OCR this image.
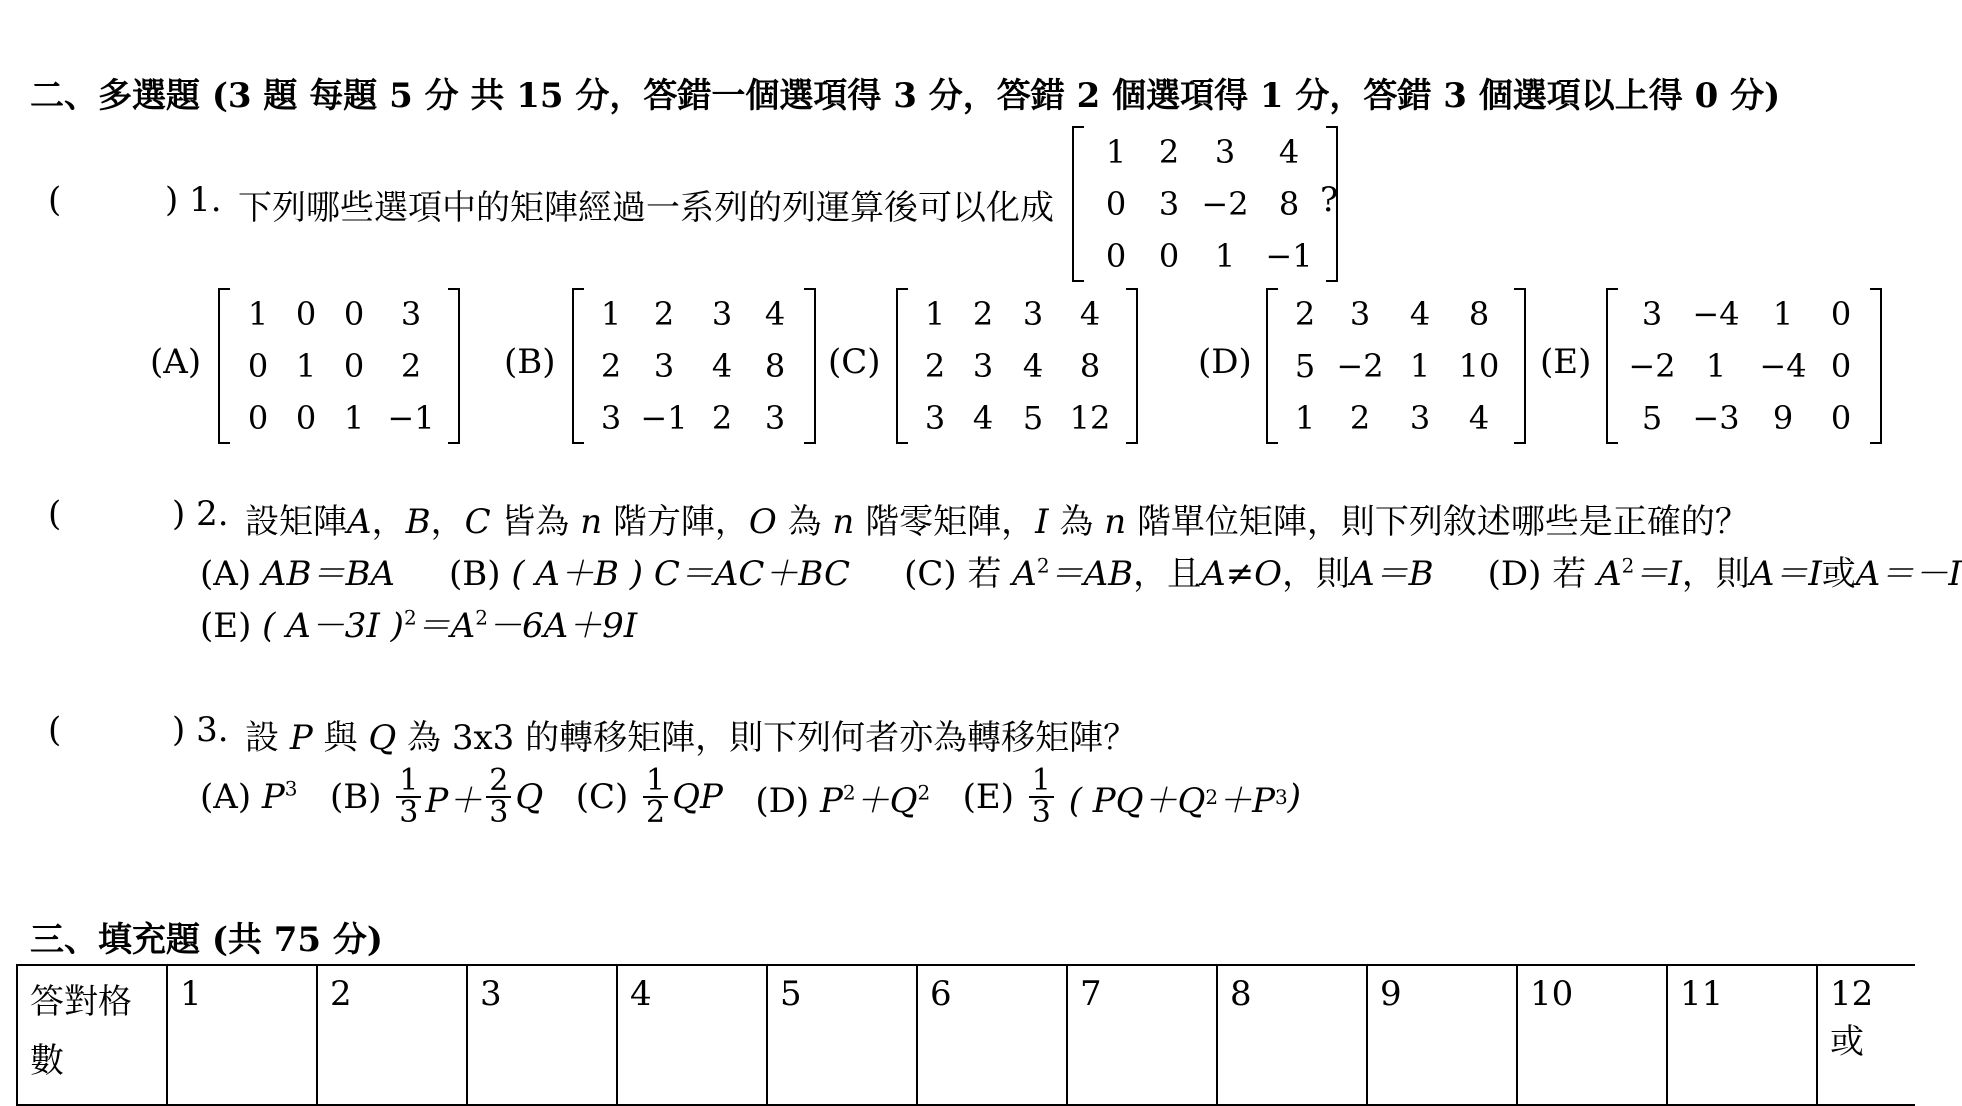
二、多選題 (3 題 每題 5 分 共 15 分，答錯一個選項得 3 分，答錯 2 個選項得 1 分，答錯 3 個選項以上得 0 分)
(	) 1. 下列哪些選項中的矩陣經過一系列的列運算後可以化成
1	2	3	4
0	3 −2 8
0	0	1 −1
?
(A)
1 0 0	3
0 1 0	2
0 0 1 −1
(B)
1	2	3	4
2	3	4	8
3 −1 2	3
(C)
1 2 3	4
2 3 4	8
3 4 5 12
(D)
2	3	4	8
5 −2 1 10
1	2	3	4
(E)
3 −4	1	0
−2 1	−4 0
5 −3	9	0
(	) 2. 設矩陣A，B，C 皆為 n 階方陣，O 為 n 階零矩陣，I 為 n 階單位矩陣，則下列敘述哪些是正確的？
(A) AB＝BA (B) ( A＋B ) C＝AC＋BC (C) 若 $A^2=AB$，且A≠O，則A＝B (D) 若 $A^2=I$，則A＝I或A＝－I
(E) ( A－3I )$^2=A^2-6A+9I$
(	) 3. 設 P 與 Q 為 3x3 的轉移矩陣，則下列何者亦為轉移矩陣？
(A) $P^3$
(B)
$\frac{1}{3} P+ \frac{2}{3}$ Q
(C)
$\frac{1}{2}$ QP
(D) $P^2+Q^2$
(E)
$\frac{1}{3}$
( PQ＋Q 2 ＋P 3 )
三、填充題 (共 75 分)
答對格
數
	1	2	3	4	5	6	7	8	9	10	11	12 或
